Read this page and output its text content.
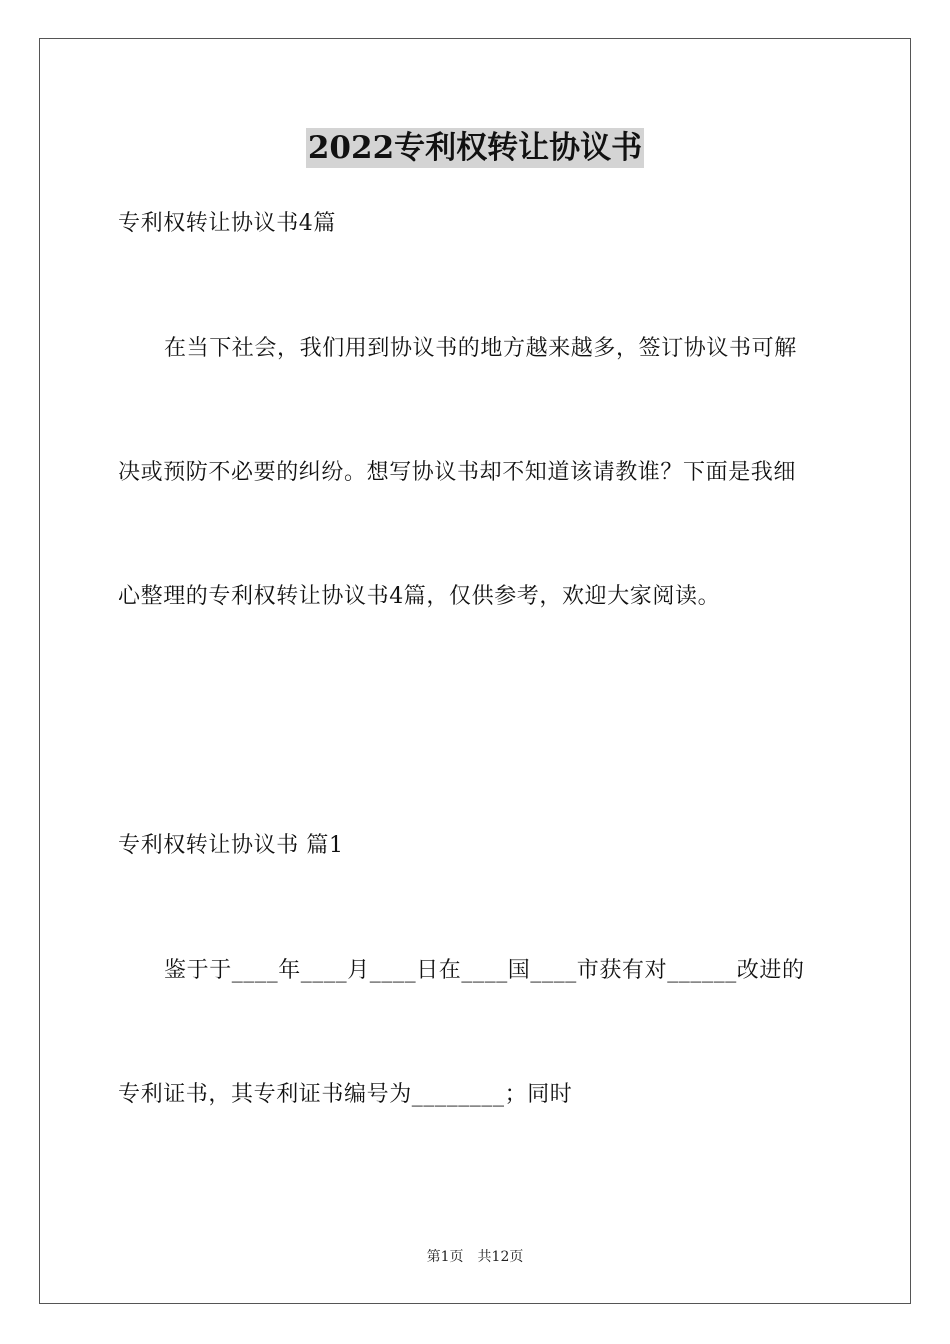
2022专利权转让协议书
专利权转让协议书4篇
在当下社会，我们用到协议书的地方越来越多，签订协议书可解
决或预防不必要的纠纷。想写协议书却不知道该请教谁？下面是我细
心整理的专利权转让协议书4篇，仅供参考，欢迎大家阅读。
专利权转让协议书 篇1
鉴于于____年____月____日在____国____市获有对______改进的
专利证书，其专利证书编号为________；同时
第1页 共12页
